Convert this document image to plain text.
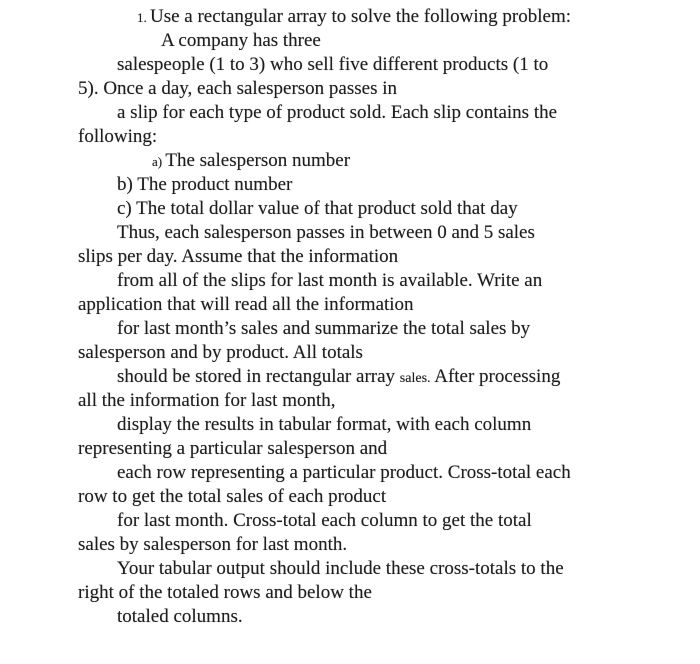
1. Use a rectangular array to solve the following problem:
A company has three
salespeople (1 to 3) who sell five different products (1 to
5). Once a day, each salesperson passes in
a slip for each type of product sold. Each slip contains the
following:
a) The salesperson number
b) The product number
c) The total dollar value of that product sold that day
Thus, each salesperson passes in between 0 and 5 sales
slips per day. Assume that the information
from all of the slips for last month is available. Write an
application that will read all the information
for last month’s sales and summarize the total sales by
salesperson and by product. All totals
should be stored in rectangular array sales. After processing
all the information for last month,
display the results in tabular format, with each column
representing a particular salesperson and
each row representing a particular product. Cross-total each
row to get the total sales of each product
for last month. Cross-total each column to get the total
sales by salesperson for last month.
Your tabular output should include these cross-totals to the
right of the totaled rows and below the
totaled columns.
